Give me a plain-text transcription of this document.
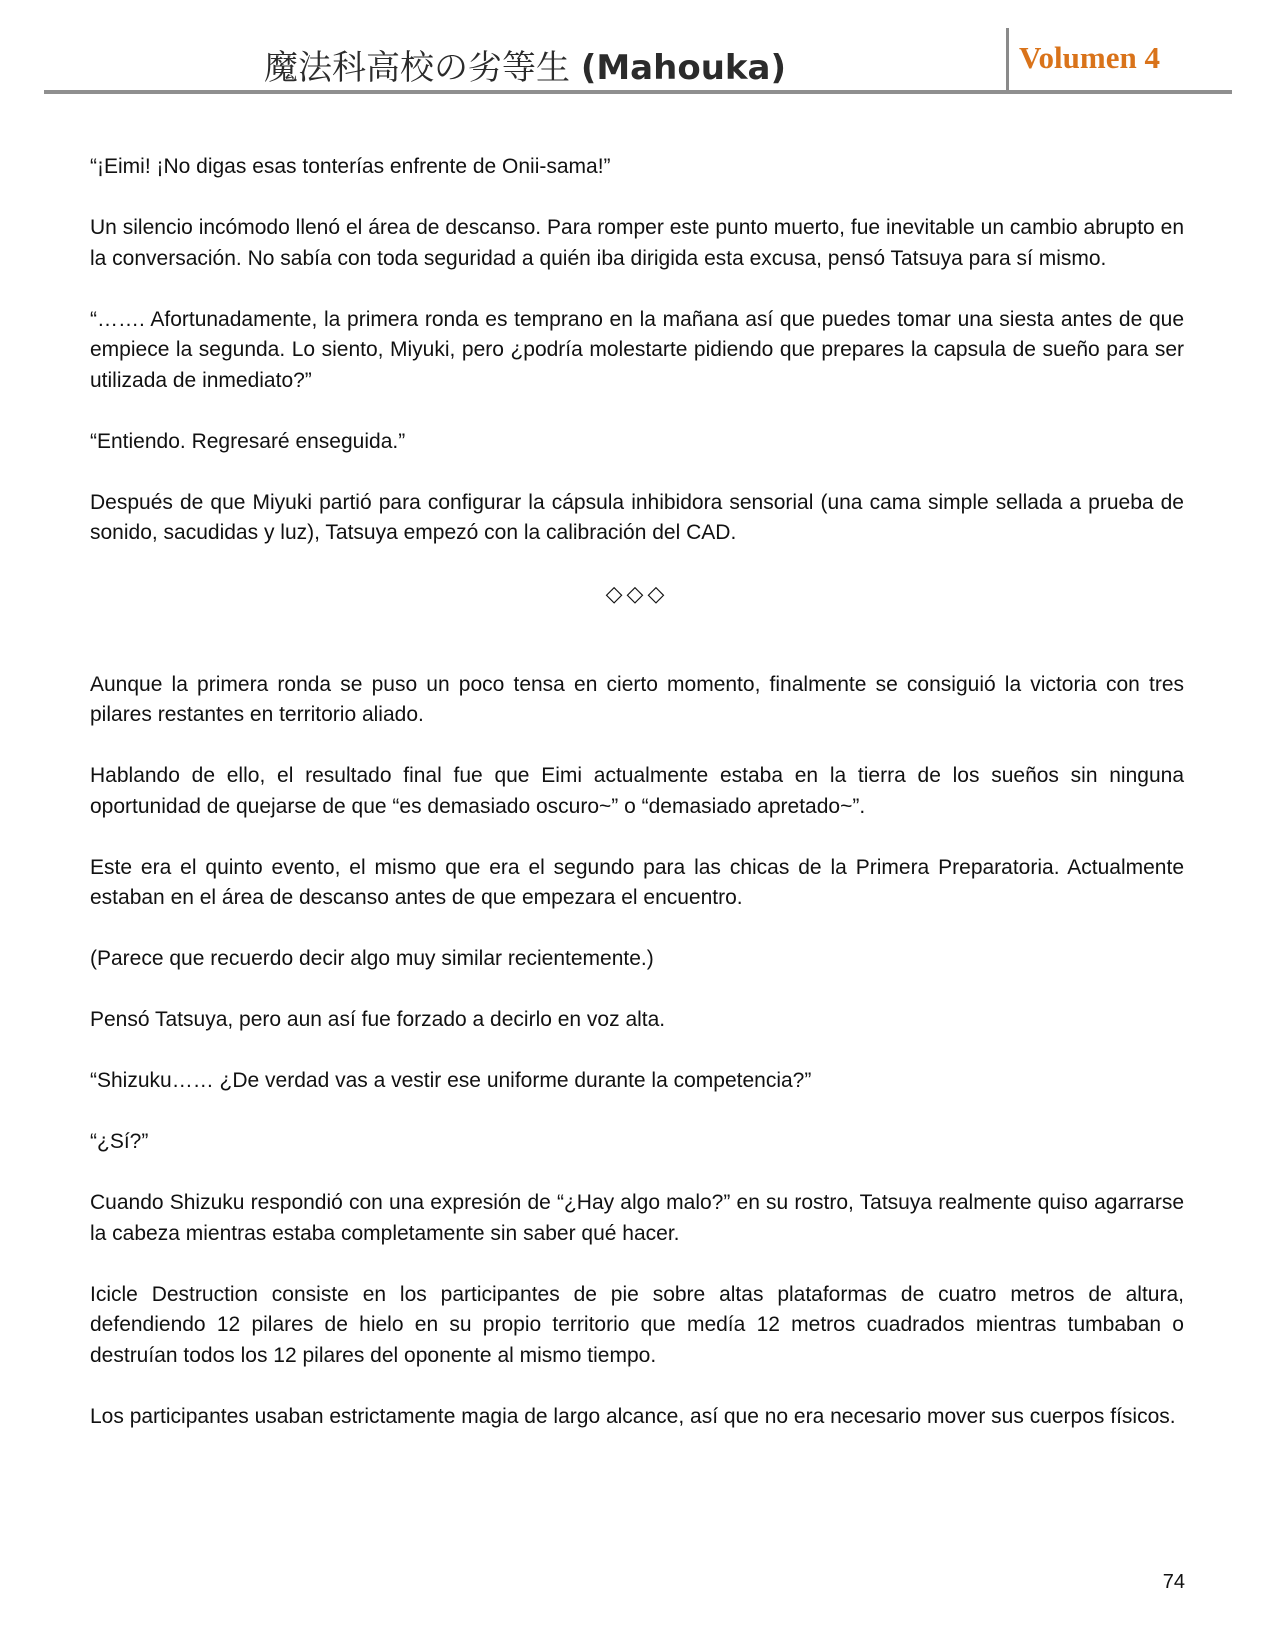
魔法科高校の劣等生 (Mahouka)	Volumen 4

“¡Eimi! ¡No digas esas tonterías enfrente de Onii-sama!”

Un silencio incómodo llenó el área de descanso. Para romper este punto muerto, fue inevitable un cambio abrupto en la conversación. No sabía con toda seguridad a quién iba dirigida esta excusa, pensó Tatsuya para sí mismo.

“……. Afortunadamente, la primera ronda es temprano en la mañana así que puedes tomar una siesta antes de que empiece la segunda. Lo siento, Miyuki, pero ¿podría molestarte pidiendo que prepares la capsula de sueño para ser utilizada de inmediato?”

“Entiendo. Regresaré enseguida.”

Después de que Miyuki partió para configurar la cápsula inhibidora sensorial (una cama simple sellada a prueba de sonido, sacudidas y luz), Tatsuya empezó con la calibración del CAD.

◇◇◇

Aunque la primera ronda se puso un poco tensa en cierto momento, finalmente se consiguió la victoria con tres pilares restantes en territorio aliado.

Hablando de ello, el resultado final fue que Eimi actualmente estaba en la tierra de los sueños sin ninguna oportunidad de quejarse de que “es demasiado oscuro~” o “demasiado apretado~”.

Este era el quinto evento, el mismo que era el segundo para las chicas de la Primera Preparatoria. Actualmente estaban en el área de descanso antes de que empezara el encuentro.

(Parece que recuerdo decir algo muy similar recientemente.)

Pensó Tatsuya, pero aun así fue forzado a decirlo en voz alta.

“Shizuku…… ¿De verdad vas a vestir ese uniforme durante la competencia?”

“¿Sí?”

Cuando Shizuku respondió con una expresión de “¿Hay algo malo?” en su rostro, Tatsuya realmente quiso agarrarse la cabeza mientras estaba completamente sin saber qué hacer.

Icicle Destruction consiste en los participantes de pie sobre altas plataformas de cuatro metros de altura, defendiendo 12 pilares de hielo en su propio territorio que medía 12 metros cuadrados mientras tumbaban o destruían todos los 12 pilares del oponente al mismo tiempo.

Los participantes usaban estrictamente magia de largo alcance, así que no era necesario mover sus cuerpos físicos.

74
